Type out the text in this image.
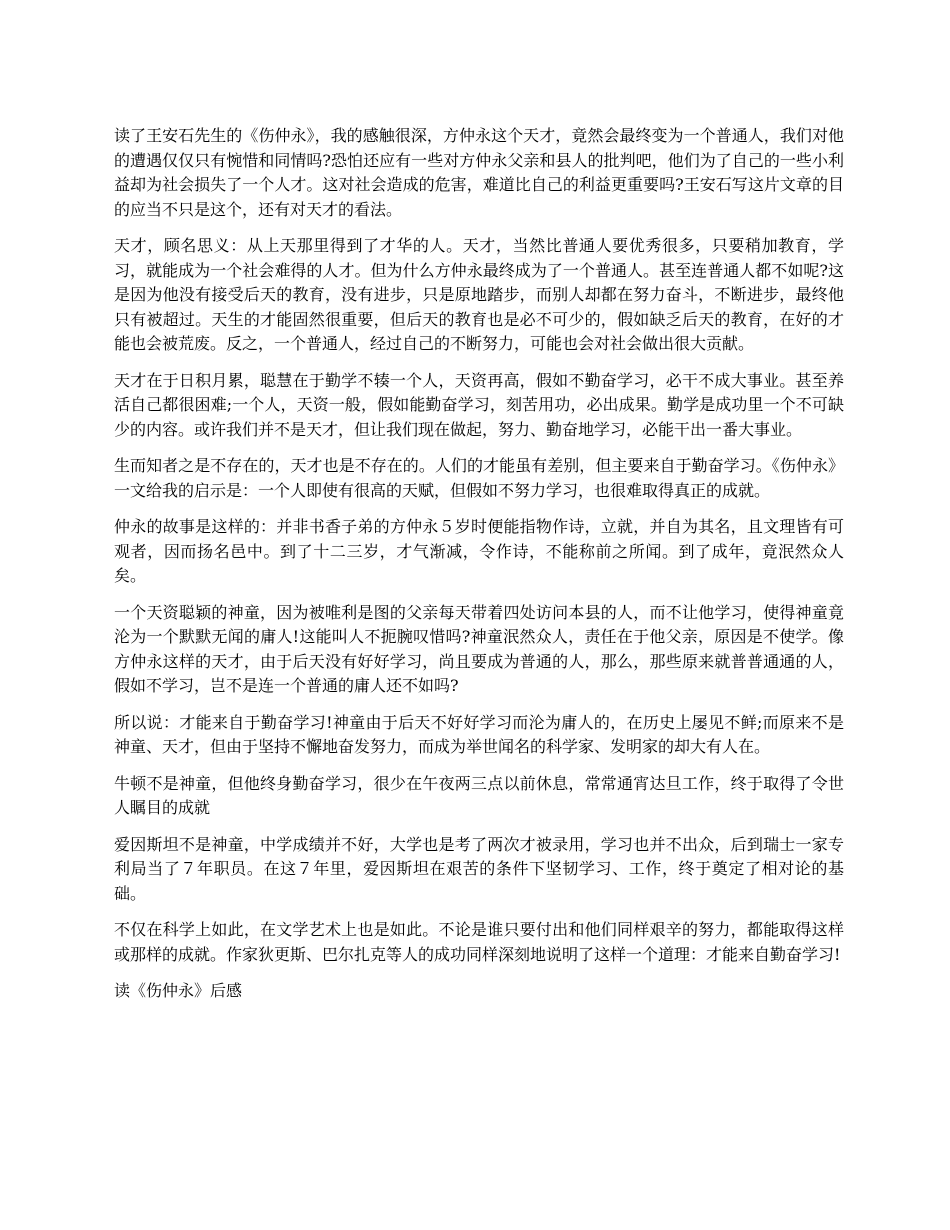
读了王安石先生的《伤仲永》，我的感触很深，方仲永这个天才，竟然会最终变为一个普通人，我们对他的遭遇仅仅只有惋惜和同情吗?恐怕还应有一些对方仲永父亲和县人的批判吧，他们为了自己的一些小利益却为社会损失了一个人才。这对社会造成的危害，难道比自己的利益更重要吗?王安石写这片文章的目的应当不只是这个，还有对天才的看法。

天才，顾名思义：从上天那里得到了才华的人。天才，当然比普通人要优秀很多，只要稍加教育，学习，就能成为一个社会难得的人才。但为什么方仲永最终成为了一个普通人。甚至连普通人都不如呢?这是因为他没有接受后天的教育，没有进步，只是原地踏步，而别人却都在努力奋斗，不断进步，最终他只有被超过。天生的才能固然很重要，但后天的教育也是必不可少的，假如缺乏后天的教育，在好的才能也会被荒废。反之，一个普通人，经过自己的不断努力，可能也会对社会做出很大贡献。

天才在于日积月累，聪慧在于勤学不辏一个人，天资再高，假如不勤奋学习，必干不成大事业。甚至养活自己都很困难;一个人，天资一般，假如能勤奋学习，刻苦用功，必出成果。勤学是成功里一个不可缺少的内容。或许我们并不是天才，但让我们现在做起，努力、勤奋地学习，必能干出一番大事业。

生而知者之是不存在的，天才也是不存在的。人们的才能虽有差别，但主要来自于勤奋学习。《伤仲永》一文给我的启示是：一个人即使有很高的天赋，但假如不努力学习，也很难取得真正的成就。

仲永的故事是这样的：并非书香子弟的方仲永５岁时便能指物作诗，立就，并自为其名，且文理皆有可观者，因而扬名邑中。到了十二三岁，才气渐减，令作诗，不能称前之所闻。到了成年，竟泯然众人矣。

一个天资聪颖的神童，因为被唯利是图的父亲每天带着四处访问本县的人，而不让他学习，使得神童竟沦为一个默默无闻的庸人!这能叫人不扼腕叹惜吗?神童泯然众人，责任在于他父亲，原因是不使学。像方仲永这样的天才，由于后天没有好好学习，尚且要成为普通的人，那么，那些原来就普普通通的人，假如不学习，岂不是连一个普通的庸人还不如吗?

所以说：才能来自于勤奋学习!神童由于后天不好好学习而沦为庸人的，在历史上屡见不鲜;而原来不是神童、天才，但由于坚持不懈地奋发努力，而成为举世闻名的科学家、发明家的却大有人在。

牛顿不是神童，但他终身勤奋学习，很少在午夜两三点以前休息，常常通宵达旦工作，终于取得了令世人瞩目的成就

爱因斯坦不是神童，中学成绩并不好，大学也是考了两次才被录用，学习也并不出众，后到瑞士一家专利局当了７年职员。在这７年里，爱因斯坦在艰苦的条件下坚韧学习、工作，终于奠定了相对论的基础。

不仅在科学上如此，在文学艺术上也是如此。不论是谁只要付出和他们同样艰辛的努力，都能取得这样或那样的成就。作家狄更斯、巴尔扎克等人的成功同样深刻地说明了这样一个道理：才能来自勤奋学习!

读《伤仲永》后感
